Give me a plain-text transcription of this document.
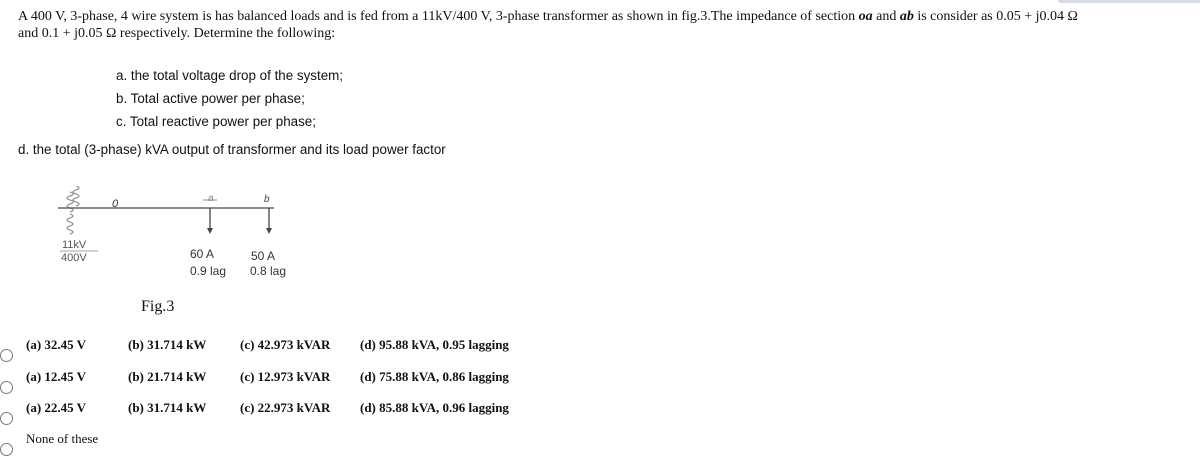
A 400 V, 3-phase, 4 wire system is has balanced loads and is fed from a 11kV/400 V, 3-phase transformer as shown in fig.3.The impedance of section oa and ab is consider as 0.05 + j0.04 Ω
and 0.1 + j0.05 Ω respectively. Determine the following:
a. the total voltage drop of the system;
b. Total active power per phase;
c. Total reactive power per phase;
d. the total (3-phase) kVA output of transformer and its load power factor
0	a	b
11kV
400V	60 A
0.9 lag
50 A
0.8 lag
Fig.3
(a) 32.45 V	(b) 31.714 kW	(c) 42.973 kVAR (d) 95.88 kVA, 0.95 lagging
(a) 12.45 V	(b) 21.714 kW	(c) 12.973 kVAR (d) 75.88 kVA, 0.86 lagging
(a) 22.45 V	(b) 31.714 kW	(c) 22.973 kVAR (d) 85.88 kVA, 0.96 lagging
None of these
